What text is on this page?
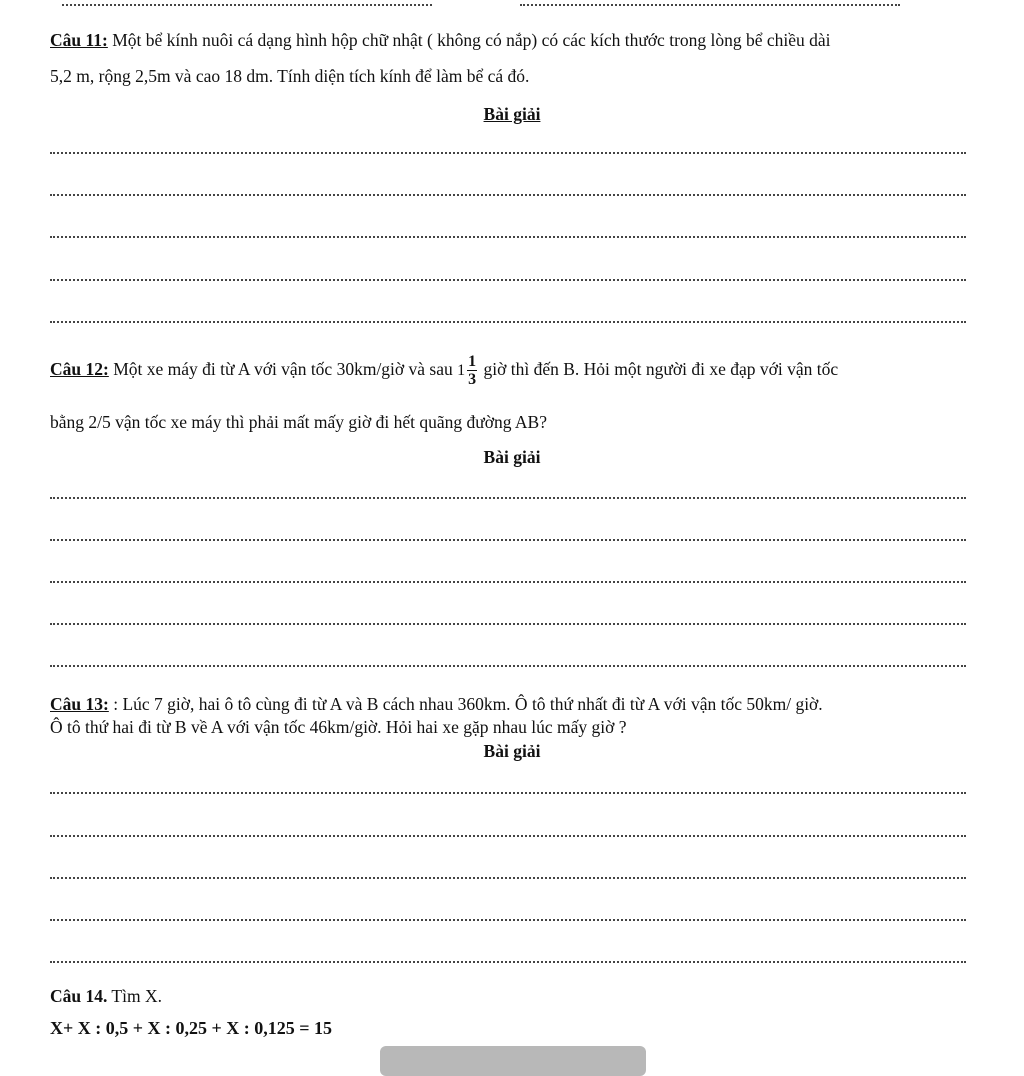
Câu 11: Một bể kính nuôi cá dạng hình hộp chữ nhật ( không có nắp) có các kích thước trong lòng bể chiều dài
5,2 m, rộng 2,5m và cao 18 dm. Tính diện tích kính để làm bể cá đó.
Bài giải
Câu 12: Một xe máy đi từ A với vận tốc 30km/giờ và sau $1 \frac{1}{3}$ giờ thì đến B. Hỏi một người đi xe đạp với vận tốc
bằng 2/5 vận tốc xe máy thì phải mất mấy giờ đi hết quãng đường AB?
Bài giải
Câu 13: : Lúc 7 giờ, hai ô tô cùng đi từ A và B cách nhau 360km. Ô tô thứ nhất đi từ A với vận tốc 50km/ giờ.
Ô tô thứ hai đi từ B về A với vận tốc 46km/giờ. Hỏi hai xe gặp nhau lúc mấy giờ ?
Bài giải
Câu 14. Tìm X.
X+ X : 0,5 + X : 0,25 + X : 0,125 = 15
